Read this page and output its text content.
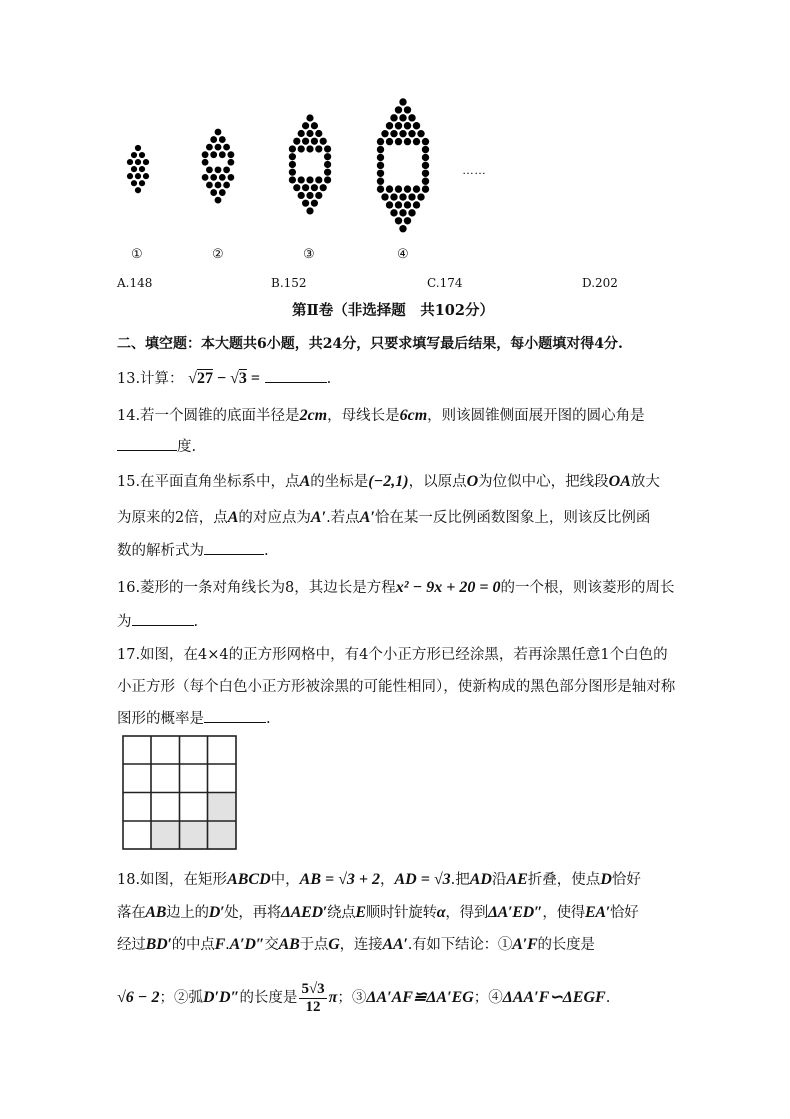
……
①	②	③	④
A.148	B.152	C.174	D.202
第Ⅱ卷（非选择题　共102分）
二、填空题：本大题共6小题，共24分，只要求填写最后结果，每小题填对得4分.
13.计算： √27 − √3 =	.
14.若一个圆锥的底面半径是2cm，母线长是6cm，则该圆锥侧面展开图的圆心角是
度.
15.在平面直角坐标系中，点A的坐标是(−2,1)，以原点O为位似中心，把线段OA放大
为原来的2倍，点A的对应点为A′.若点A′恰在某一反比例函数图象上，则该反比例函
数的解析式为	.
16.菱形的一条对角线长为8，其边长是方程x² − 9x + 20 = 0的一个根，则该菱形的周长
为	.
17.如图，在4×4的正方形网格中，有4个小正方形已经涂黑，若再涂黑任意1个白色的
小正方形（每个白色小正方形被涂黑的可能性相同），使新构成的黑色部分图形是轴对称
图形的概率是	.
18.如图，在矩形ABCD中，AB = √3 + 2，AD = √3.把AD沿AE折叠，使点D恰好
落在AB边上的D′处，再将ΔAED′绕点E顺时针旋转α，得到ΔA′ED″，使得EA′恰好
经过BD′的中点F.A′D″交AB于点G，连接AA′.有如下结论：①A′F的长度是
√6 − 2 ；②弧 D′D″ 的长度是
5√3
12
π ；③ ΔA′AF≌ΔA′EG ；④ ΔAA′F∽ΔEGF .
